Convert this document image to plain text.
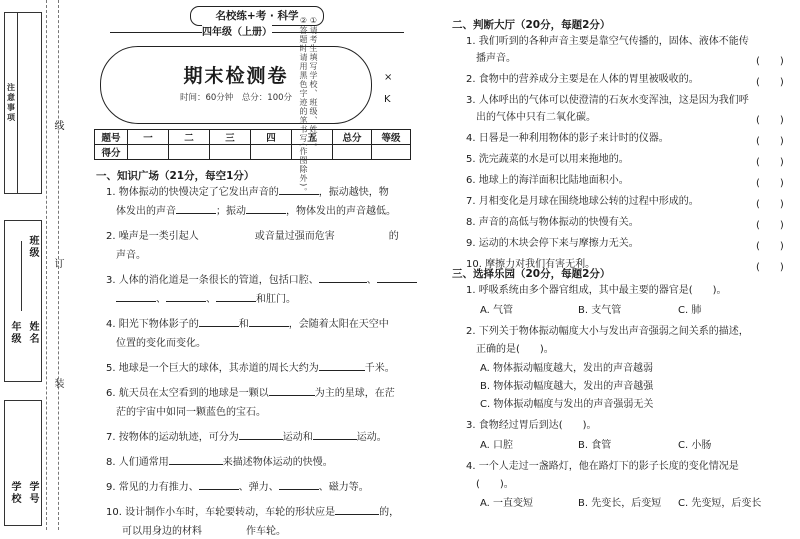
注意事项	①请考生填写学校、班级、姓名。
②答题时请用黑色字迹的笔书写(作图除外)。
线
订
装
年级 姓名
班级
学校 学号
名校练+考 · 科学
四年级（上册）
期末检测卷
时间：60分钟　总分：100分
×
K
题号	一	二	三	四	五	总分	等级
得分							
一、知识广场（21分，每空1分）
1. 物体振动的快慢决定了它发出声音的	，振动越快，物
体发出的声音	；振动	，物体发出的声音越低。
2. 噪声是一类引起人	或音量过强而危害	的
声音。
3. 人体的消化道是一条很长的管道，包括口腔、	、
、	、	和肛门。
4. 阳光下物体影子的	和	，会随着太阳在天空中
位置的变化而变化。
5. 地球是一个巨大的球体，其赤道的周长大约为	千米。
6. 航天员在太空看到的地球是一颗以	为主的星球，在茫
茫的宇宙中如同一颗蓝色的宝石。
7. 按物体的运动轨迹，可分为	运动和	运动。
8. 人们通常用	来描述物体运动的快慢。
9. 常见的力有推力、	、弹力、	、磁力等。
10. 设计制作小车时，车轮要转动，车轮的形状应是	的，
可以用身边的材料	作车轮。
二、判断大厅（20分，每题2分）
1. 我们听到的各种声音主要是靠空气传播的，固体、液体不能传
播声音。	(　　)
2. 食物中的营养成分主要是在人体的胃里被吸收的。	(　　)
3. 人体呼出的气体可以使澄清的石灰水变浑浊，这是因为我们呼
出的气体中只有二氧化碳。	(　　)
4. 日晷是一种利用物体的影子来计时的仪器。	(　　)
5. 洗完蔬菜的水是可以用来拖地的。	(　　)
6. 地球上的海洋面积比陆地面积小。	(　　)
7. 月相变化是月球在围绕地球公转的过程中形成的。	(　　)
8. 声音的高低与物体振动的快慢有关。	(　　)
9. 运动的木块会停下来与摩擦力无关。	(　　)
10. 摩擦力对我们有害无利。	(　　)
三、选择乐园（20分，每题2分）
1. 呼吸系统由多个器官组成，其中最主要的器官是(　　)。
A. 气管	B. 支气管	C. 肺
2. 下列关于物体振动幅度大小与发出声音强弱之间关系的描述，
正确的是(　　)。
A. 物体振动幅度越大，发出的声音越弱
B. 物体振动幅度越大，发出的声音越强
C. 物体振动幅度与发出的声音强弱无关
3. 食物经过胃后到达(　　)。
A. 口腔	B. 食管	C. 小肠
4. 一个人走过一盏路灯，他在路灯下的影子长度的变化情况是
(　　)。
A. 一直变短	B. 先变长，后变短 C. 先变短，后变长
